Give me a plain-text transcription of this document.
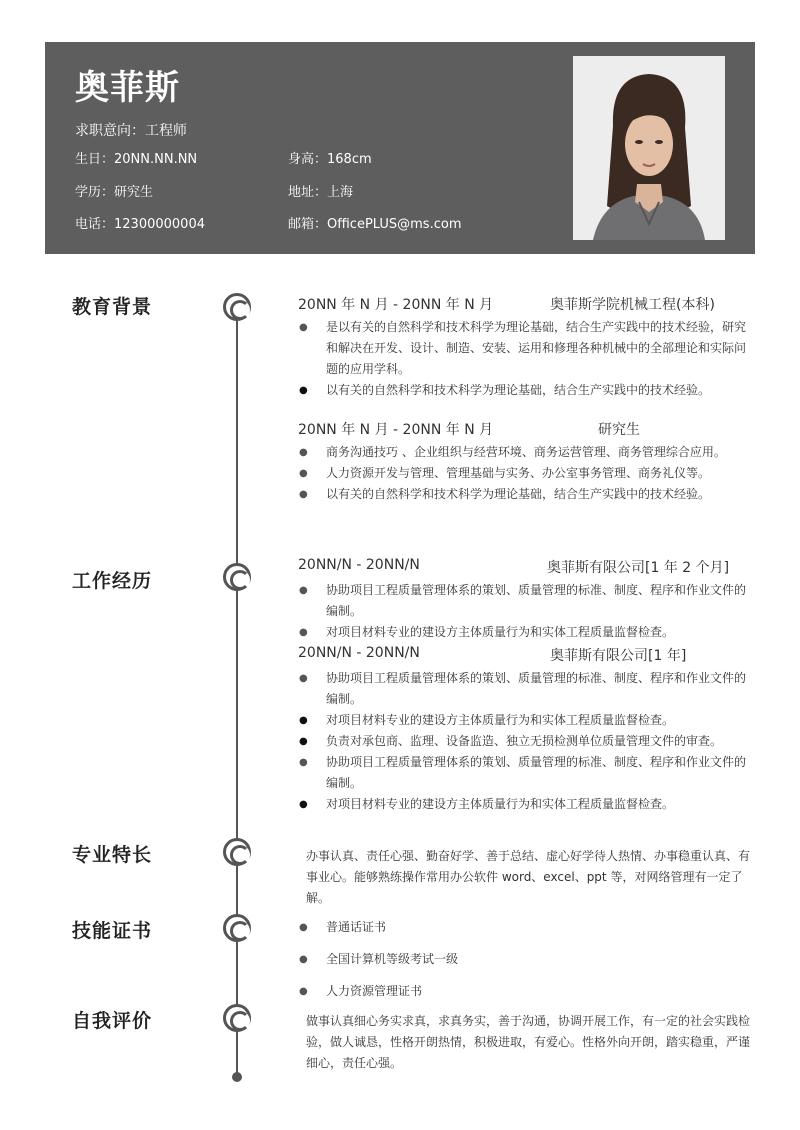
奥菲斯
求职意向：工程师
生日：20NN.NN.NN	身高：168cm
学历：研究生	地址：上海
电话：12300000004	邮箱：OfficePLUS@ms.com
教育背景
工作经历
专业特长
技能证书
自我评价
20NN 年 N 月 - 20NN 年 N 月	奥菲斯学院机械工程(本科)
● 是以有关的自然科学和技术科学为理论基础，结合生产实践中的技术经验，研究和解决在开发、设计、制造、安装、运用和修理各种机械中的全部理论和实际问题的应用学科。
● 以有关的自然科学和技术科学为理论基础，结合生产实践中的技术经验。
20NN 年 N 月 - 20NN 年 N 月	研究生
● 商务沟通技巧 、企业组织与经营环境、商务运营管理、商务管理综合应用。
● 人力资源开发与管理、管理基础与实务、办公室事务管理、商务礼仪等。
● 以有关的自然科学和技术科学为理论基础，结合生产实践中的技术经验。
20NN/N - 20NN/N	奥菲斯有限公司[1 年 2 个月]
● 协助项目工程质量管理体系的策划、质量管理的标准、制度、程序和作业文件的编制。
● 对项目材料专业的建设方主体质量行为和实体工程质量监督检查。
20NN/N - 20NN/N	奥菲斯有限公司[1 年]
● 协助项目工程质量管理体系的策划、质量管理的标准、制度、程序和作业文件的编制。
● 对项目材料专业的建设方主体质量行为和实体工程质量监督检查。
● 负责对承包商、监理、设备监造、独立无损检测单位质量管理文件的审查。
● 协助项目工程质量管理体系的策划、质量管理的标准、制度、程序和作业文件的编制。
● 对项目材料专业的建设方主体质量行为和实体工程质量监督检查。
办事认真、责任心强、勤奋好学、善于总结、虚心好学待人热情、办事稳重认真、有事业心。能够熟练操作常用办公软件 word、excel、ppt 等，对网络管理有一定了解。
● 普通话证书
● 全国计算机等级考试一级
● 人力资源管理证书
做事认真细心务实求真，求真务实，善于沟通，协调开展工作，有一定的社会实践检验，做人诚恳，性格开朗热情，积极进取，有爱心。性格外向开朗，踏实稳重，严谨细心，责任心强。
